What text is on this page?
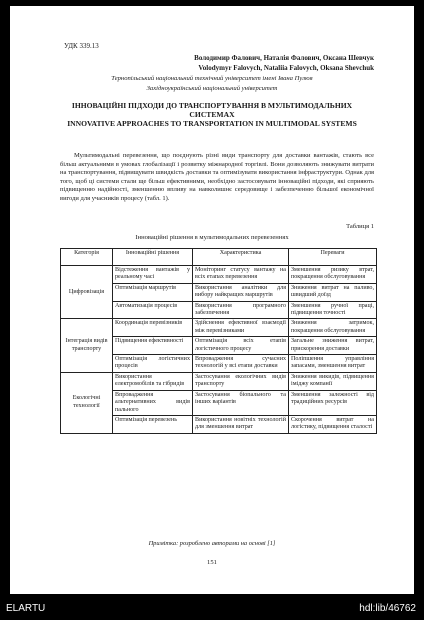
УДК 339.13
Володимир Фалович, Наталія Фалович, Оксана Шевчук
Volodymyr Falovych, Nataliia Falovych, Oksana Shevchuk
Тернопільський національний технічний університет імені Івана Пулюя
Західноукраїнський національний університет
ІННОВАЦІЙНІ ПІДХОДИ ДО ТРАНСПОРТУВАННЯ В МУЛЬТИМОДАЛЬНИХ СИСТЕМАХ
INNOVATIVE APPROACHES TO TRANSPORTATION IN MULTIMODAL SYSTEMS
Мультимодальні перевезення, що поєднують різні види транспорту для доставки вантажів, стають все більш актуальними в умовах глобалізації і розвитку міжнародної торгівлі. Вони дозволяють знижувати витрати на транспортування, підвищувати швидкість доставки та оптимізувати використання інфраструктури. Однак для того, щоб ці системи стали ще більш ефективними, необхідно застосовувати інноваційні підходи, які сприяють підвищенню надійності, зменшенню впливу на навколишнє середовище і забезпеченню більшої економічної вигоди для учасників процесу (табл. 1).
Таблиця 1
Інноваційні рішення в мультимодальних перевезеннях
Категорія	Інноваційні рішення	Характеристика	Переваги
Цифровізація	Відстеження вантажів у реальному часі	Моніторинг статусу вантажу на всіх етапах перевезення	Зменшення ризику втрат, покращення обслуговування
	Оптимізація маршрутів	Використання аналітики для вибору найкращих маршрутів	Зниження витрат на паливо, швидший доїзд
	Автоматизація процесів	Використання програмного забезпечення	Зменшення ручної праці, підвищення точності
Інтеграція видів транспорту	Координація перевізників	Здійснення ефективної взаємодії між перевізниками	Зниження затримок, покращення обслуговування
	Підвищення ефективності	Оптимізація всіх етапів логістичного процесу	Загальне зниження витрат, прискорення доставки
	Оптимізація логістичних процесів	Впровадження сучасних технологій у всі етапи доставки	Поліпшення управління запасами, зменшення витрат
Екологічні технології	Використання електромобілів та гібридів	Застосування екологічних видів транспорту	Зниження викидів, підвищення іміджу компанії
	Впровадження альтернативних видів пального	Застосування біопального та інших варіантів	Зменшення залежності від традиційних ресурсів
	Оптимізація перевезень	Використання новітніх технологій для зменшення витрат	Скорочення витрат на логістику, підвищення сталості
Примітка: розроблено авторами на основі [1]
151
ELARTU	hdl:lib/46762
